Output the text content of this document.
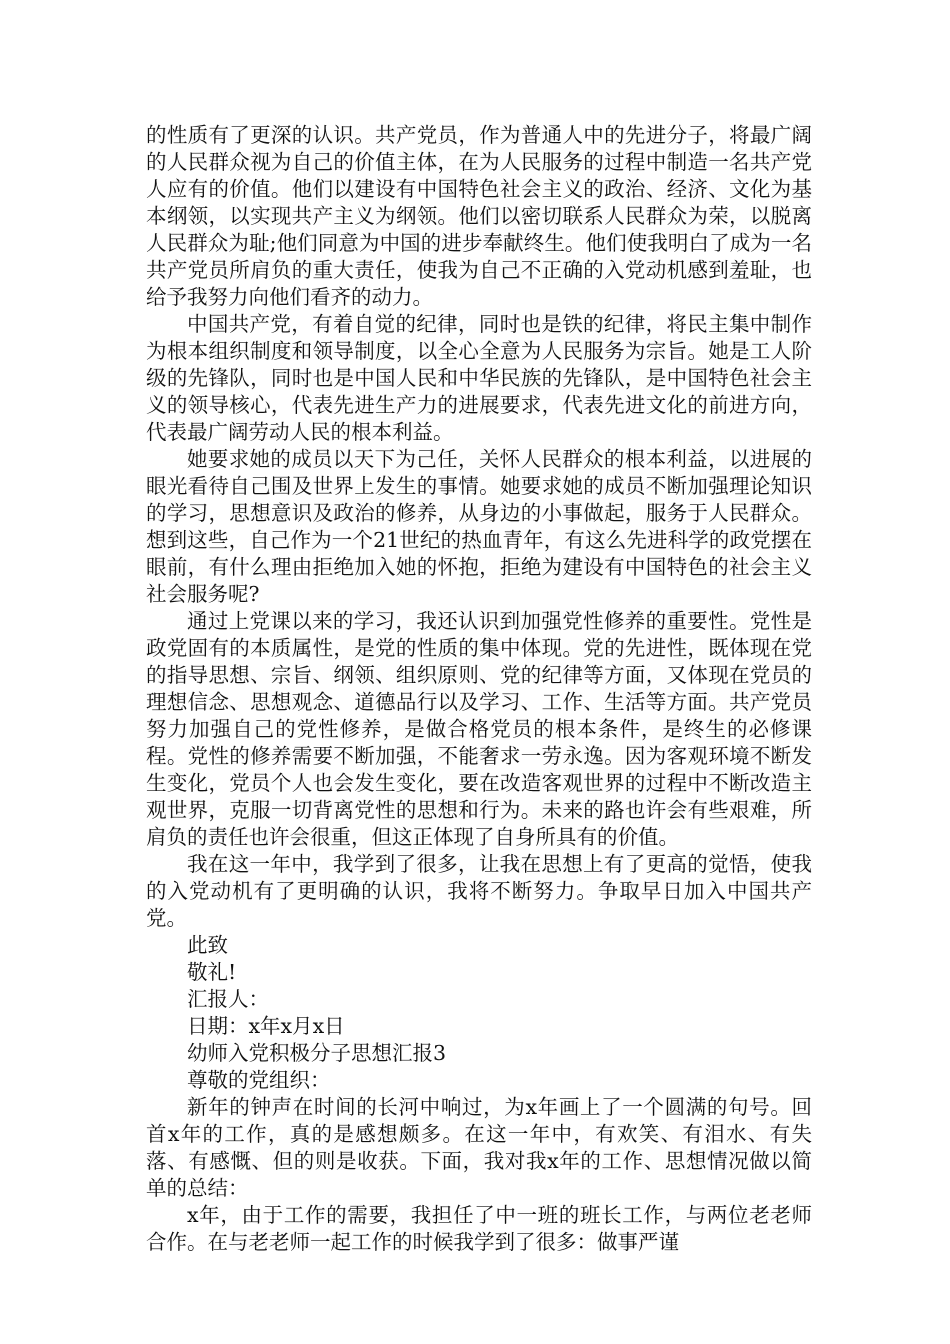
的性质有了更深的认识。共产党员，作为普通人中的先进分子，将最广阔的人民群众视为自己的价值主体，在为人民服务的过程中制造一名共产党人应有的价值。他们以建设有中国特色社会主义的政治、经济、文化为基本纲领，以实现共产主义为纲领。他们以密切联系人民群众为荣，以脱离人民群众为耻;他们同意为中国的进步奉献终生。他们使我明白了成为一名共产党员所肩负的重大责任，使我为自己不正确的入党动机感到羞耻，也给予我努力向他们看齐的动力。

中国共产党，有着自觉的纪律，同时也是铁的纪律，将民主集中制作为根本组织制度和领导制度，以全心全意为人民服务为宗旨。她是工人阶级的先锋队，同时也是中国人民和中华民族的先锋队，是中国特色社会主义的领导核心，代表先进生产力的进展要求，代表先进文化的前进方向，代表最广阔劳动人民的根本利益。

她要求她的成员以天下为己任，关怀人民群众的根本利益，以进展的眼光看待自己围及世界上发生的事情。她要求她的成员不断加强理论知识的学习，思想意识及政治的修养，从身边的小事做起，服务于人民群众。想到这些，自己作为一个21世纪的热血青年，有这么先进科学的政党摆在眼前，有什么理由拒绝加入她的怀抱，拒绝为建设有中国特色的社会主义社会服务呢?

通过上党课以来的学习，我还认识到加强党性修养的重要性。党性是政党固有的本质属性，是党的性质的集中体现。党的先进性，既体现在党的指导思想、宗旨、纲领、组织原则、党的纪律等方面，又体现在党员的理想信念、思想观念、道德品行以及学习、工作、生活等方面。共产党员努力加强自己的党性修养，是做合格党员的根本条件，是终生的必修课程。党性的修养需要不断加强，不能奢求一劳永逸。因为客观环境不断发生变化，党员个人也会发生变化，要在改造客观世界的过程中不断改造主观世界，克服一切背离党性的思想和行为。未来的路也许会有些艰难，所肩负的责任也许会很重，但这正体现了自身所具有的价值。

我在这一年中，我学到了很多，让我在思想上有了更高的觉悟，使我的入党动机有了更明确的认识，我将不断努力。争取早日加入中国共产党。

此致

敬礼!

汇报人：

日期：x年x月x日

幼师入党积极分子思想汇报3

尊敬的党组织：

新年的钟声在时间的长河中响过，为x年画上了一个圆满的句号。回首x年的工作，真的是感想颇多。在这一年中，有欢笑、有泪水、有失落、有感慨、但的则是收获。下面，我对我x年的工作、思想情况做以简单的总结：

x年，由于工作的需要，我担任了中一班的班长工作，与两位老老师合作。在与老老师一起工作的时候我学到了很多：做事严谨
